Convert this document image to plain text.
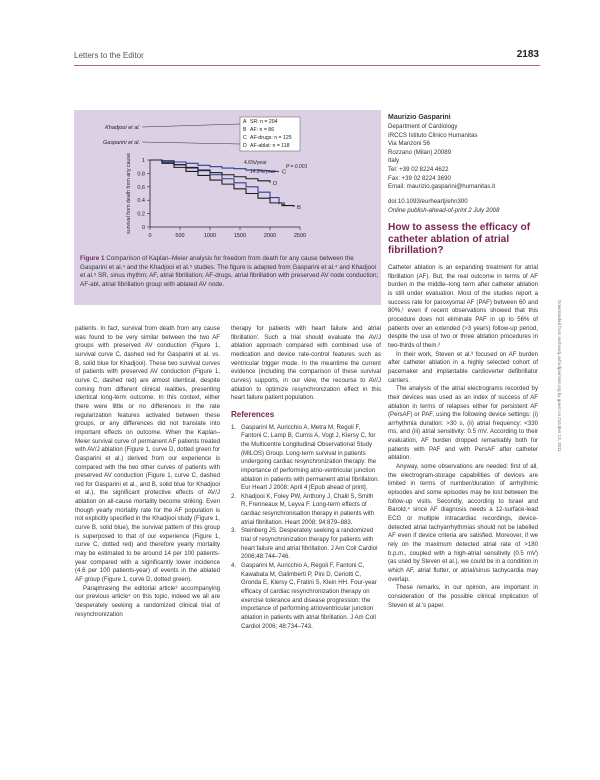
Letters to the Editor	2183
0	500	1000	1500	2000	2500
0
0.2
0.4
0.6
0.8
1
survival from death from any cause	A B
C
D
A SR: n = 204
B AF: n = 86
C AF-drugs: n = 125
D AF-ablat: n = 118
Khadjooi et al.
Gasparini et al.
4.6%/year
14.2%/year
P = 0.001

Figure 1 Comparison of Kaplan–Meier analysis for freedom from death for any cause between the Gasparini et al.⁴ and the Khadjooi et al.⁵ studies. The figure is adapted from Gasparini et al.⁴ and Khadjooi et al.⁵ SR, sinus rhythm; AF, atrial fibrillation; AF-drugs, atrial fibrillation with preserved AV node conduction; AF-abl, atrial fibrillation group with ablated AV node.

patients. In fact, survival from death from any cause was found to be very similar between the two AF groups with preserved AV conduction (Figure 1, survival curve C, dashed red for Gasparini et al. vs. B, solid blue for Khadjooi). These two survival curves of patients with preserved AV conduction (Figure 1, curve C, dashed red) are almost identical, despite coming from different clinical realities, presenting identical long-term outcome. In this context, either there were little or no differences in the rate regularization features activated between these groups, or any differences did not translate into important effects on outcome. When the Kaplan–Meier survival curve of permanent AF patients treated with AV/J ablation (Figure 1, curve D, dotted green for Gasparini et al.) derived from our experience is compared with the two other curves of patients with preserved AV conduction (Figure 1, curve C, dashed red for Gasparini et al., and B, solid blue for Khadjooi et al.), the significant protective effects of AV/J ablation on all-cause mortality become striking. Even though yearly mortality rate for the AF population is not explicitly specified in the Khadjooi study (Figure 1, curve B, solid blue), the survival pattern of this group is superposed to that of our experience (Figure 1, curve C, dotted red) and therefore yearly mortality may be estimated to be around 14 per 100 patients-year compared with a significantly lower incidence (4.6 per 100 patients-year) of events in the ablated AF group (Figure 1, curve D, dotted green).

Paraphrasing the editorial article³ accompanying our previous article⁴ on this topic, indeed we all are 'desperately seeking a randomized clinical trial of resynchronization

therapy for patients with heart failure and atrial fibrillation'. Such a trial should evaluate the AV/J ablation approach compared with combined use of medication and device rate-control features such as ventricular trigger mode. In the meantime the current evidence (including the comparison of these survival curves) supports, in our view, the recourse to AV/J ablation to optimize resynchronization effect in this heart failure patient population.

References
1. Gasparini M, Auricchio A, Metra M, Regoli F, Fantoni C, Lamp B, Curnis A, Vogt J, Klersy C, for the Multicentre Longitudinal Observational Study (MILOS) Group. Long-term survival in patients undergoing cardiac resynchronization therapy: the importance of performing atrio-ventricular junction ablation in patients with permanent atrial fibrillation. Eur Heart J 2008; April 4 [Epub ahead of print].
2. Khadjooi K, Foley PW, Anthony J, Chalil S, Smith R, Frenneaux M, Leyva F. Long-term effects of cardiac resynchronisation therapy in patients with atrial fibrillation. Heart 2008; 94:879–883.
3. Steinberg JS. Desperately seeking a randomized trial of resynchronization therapy for patients with heart failure and atrial fibrillation. J Am Coll Cardiol 2006;48:744–746.
4. Gasparini M, Auricchio A, Regoli F, Fantoni C, Kawabata M, Galimberti P, Pini D, Ceriotti C, Gronda E, Klersy C, Fratini S, Klein HH. Four-year efficacy of cardiac resynchronization therapy on exercise tolerance and disease progression: the importance of performing atrioventricular junction ablation in patients with atrial fibrillation. J Am Coll Cardiol 2006; 48:734–743.
Maurizio Gasparini
Department of Cardiology
IRCCS Istituto Clinico Humanitas
Via Manzoni 56
Rozzano (Milan) 20089
Italy
Tel: +39 02 8224 4622
Fax: +39 02 8224 3690
Email: maurizio.gasparini@humanitas.it
doi:10.1093/eurheartj/ehn300
Online publish-ahead-of-print 2 July 2008
How to assess the efficacy of catheter ablation of atrial fibrillation?

Catheter ablation is an expanding treatment for atrial fibrillation (AF). But, the real outcome in terms of AF burden in the middle–long term after catheter ablation is still under evaluation. Most of the studies report a success rate for paroxysmal AF (PAF) between 60 and 80%,¹ even if recent observations showed that this procedure does not eliminate PAF in up to 56% of patients over an extended (>3 years) follow-up period, despite the use of two or three ablation procedures in two-thirds of them.²

In their work, Steven et al.³ focused on AF burden after catheter ablation in a highly selected cohort of pacemaker and implantable cardioverter defibrillator carriers.

The analysis of the atrial electrograms recorded by their devices was used as an index of success of AF ablation in terms of relapses either for persistent AF (PersAF) or PAF, using the following device settings: (i) arrhythmia duration: >30 s, (ii) atrial frequency: <330 ms, and (iii) atrial sensitivity: 0.5 mV. According to their evaluation, AF burden dropped remarkably both for patients with PAF and with PersAF after catheter ablation.

Anyway, some observations are needed: first of all, the electrogram-storage capabilities of devices are limited in terms of number/duration of arrhythmic episodes and some episodes may be lost between the follow-up visits. Secondly, according to Israel and Barold,⁴ since AF diagnosis needs a 12-surface-lead ECG or multiple intracardiac recordings, device-detected atrial tachyarrhythmias should not be labelled AF even if device criteria are satisfied. Moreover, if we rely on the maximum detected atrial rate of >180 b.p.m., coupled with a high-atrial sensitivity (0.5 mV) (as used by Steven et al.), we could be in a condition in which AF, atrial flutter, or atrial/sinus tachycardia may overlap.

These remarks, in our opinion, are important in consideration of the possible clinical implication of Steven et al.'s paper.

Downloaded from eurheartj.oxfordjournals.org by guest on October 13, 2011
